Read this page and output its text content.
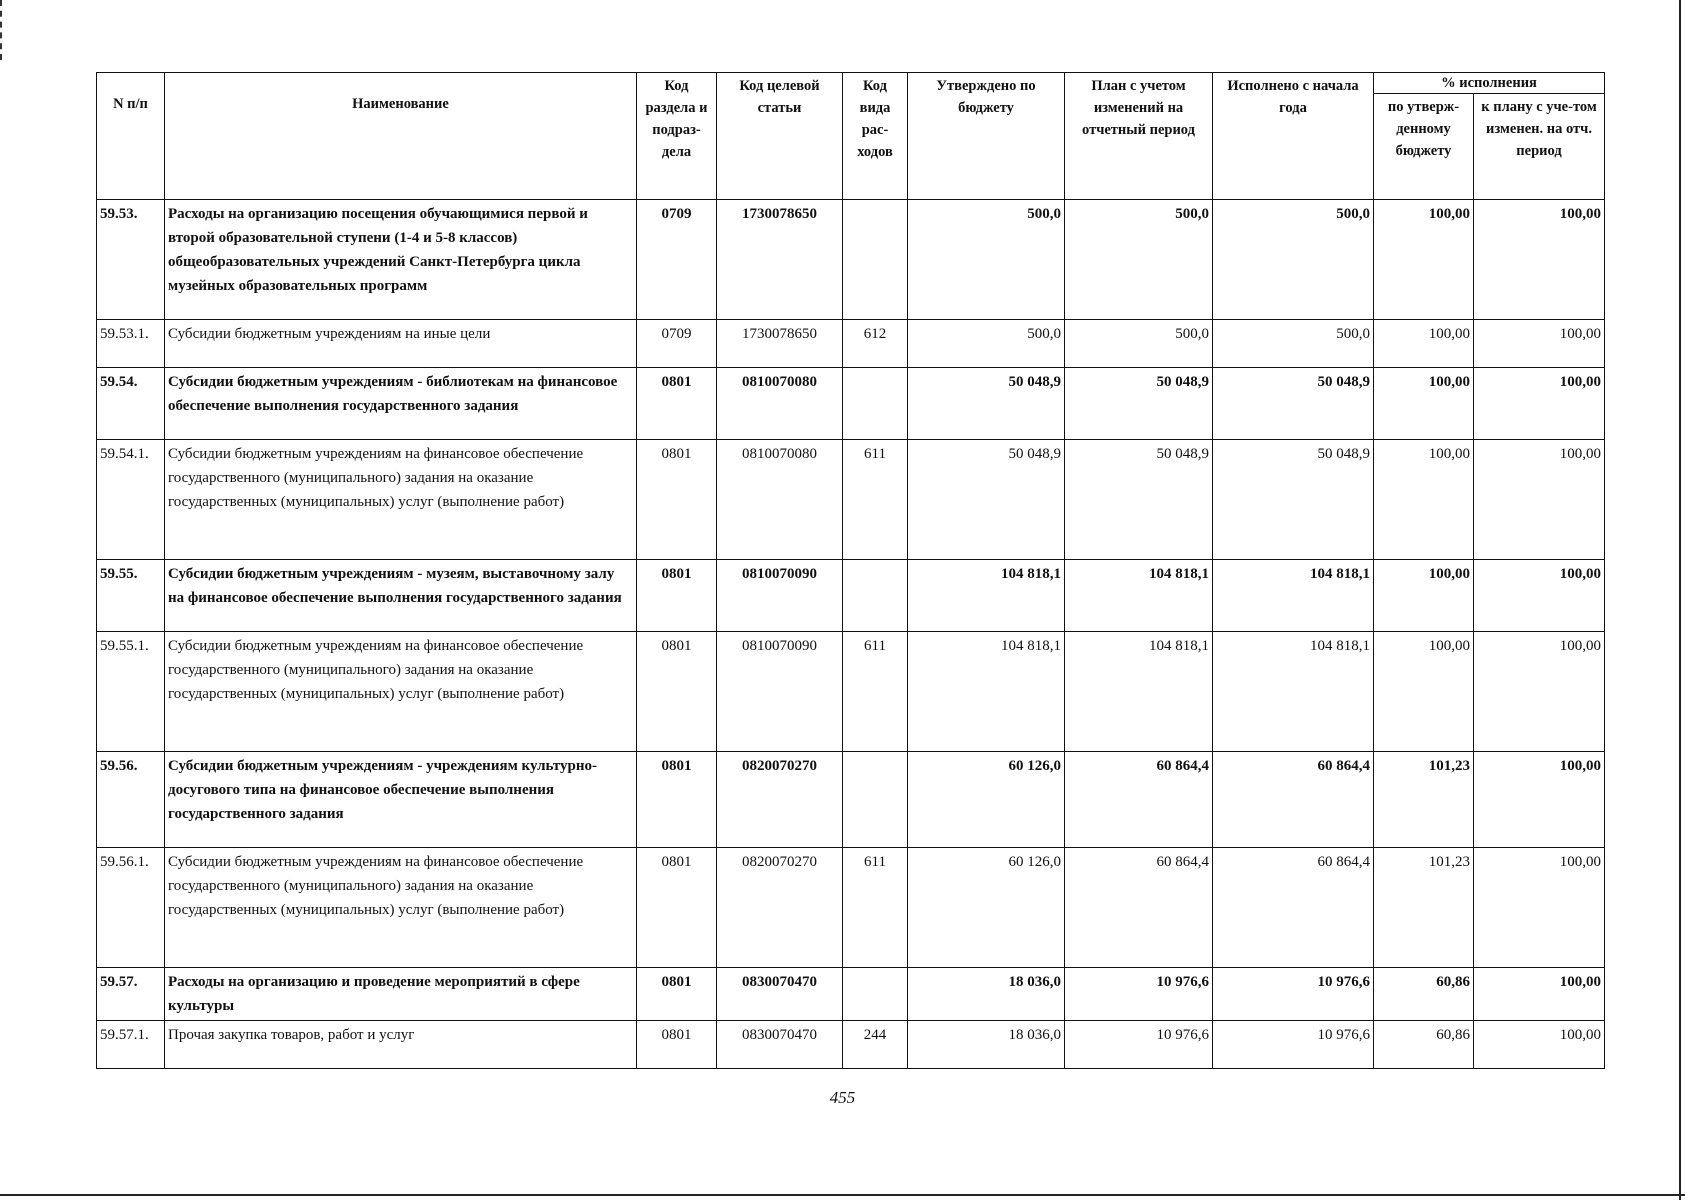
N п/п	Наименование	Код раздела и подраз-дела	Код целевой статьи	Код вида рас-ходов	Утверждено по бюджету	План с учетом изменений на отчетный период	Исполнено с начала года	% исполнения	
								по утверж-денному бюджету	к плану с уче-том изменен. на отч. период
59.53.	Расходы на организацию посещения обучающимися первой и второй образовательной ступени (1-4 и 5-8 классов) общеобразовательных учреждений Санкт-Петербурга цикла музейных образовательных программ	0709	1730078650		500,0	500,0	500,0	100,00	100,00
59.53.1.	Субсидии бюджетным учреждениям на иные цели	0709	1730078650	612	500,0	500,0	500,0	100,00	100,00
59.54.	Субсидии бюджетным учреждениям - библиотекам на финансовое обеспечение выполнения государственного задания	0801	0810070080		50 048,9	50 048,9	50 048,9	100,00	100,00
59.54.1.	Субсидии бюджетным учреждениям на финансовое обеспечение государственного (муниципального) задания на оказание государственных (муниципальных) услуг (выполнение работ)	0801	0810070080	611	50 048,9	50 048,9	50 048,9	100,00	100,00
59.55.	Субсидии бюджетным учреждениям - музеям, выставочному залу на финансовое обеспечение выполнения государственного задания	0801	0810070090		104 818,1	104 818,1	104 818,1	100,00	100,00
59.55.1.	Субсидии бюджетным учреждениям на финансовое обеспечение государственного (муниципального) задания на оказание государственных (муниципальных) услуг (выполнение работ)	0801	0810070090	611	104 818,1	104 818,1	104 818,1	100,00	100,00
59.56.	Субсидии бюджетным учреждениям - учреждениям культурно-досугового типа на финансовое обеспечение выполнения государственного задания	0801	0820070270		60 126,0	60 864,4	60 864,4	101,23	100,00
59.56.1.	Субсидии бюджетным учреждениям на финансовое обеспечение государственного (муниципального) задания на оказание государственных (муниципальных) услуг (выполнение работ)	0801	0820070270	611	60 126,0	60 864,4	60 864,4	101,23	100,00
59.57.	Расходы на организацию и проведение мероприятий в сфере культуры	0801	0830070470		18 036,0	10 976,6	10 976,6	60,86	100,00
59.57.1.	Прочая закупка товаров, работ и услуг	0801	0830070470	244	18 036,0	10 976,6	10 976,6	60,86	100,00
455
